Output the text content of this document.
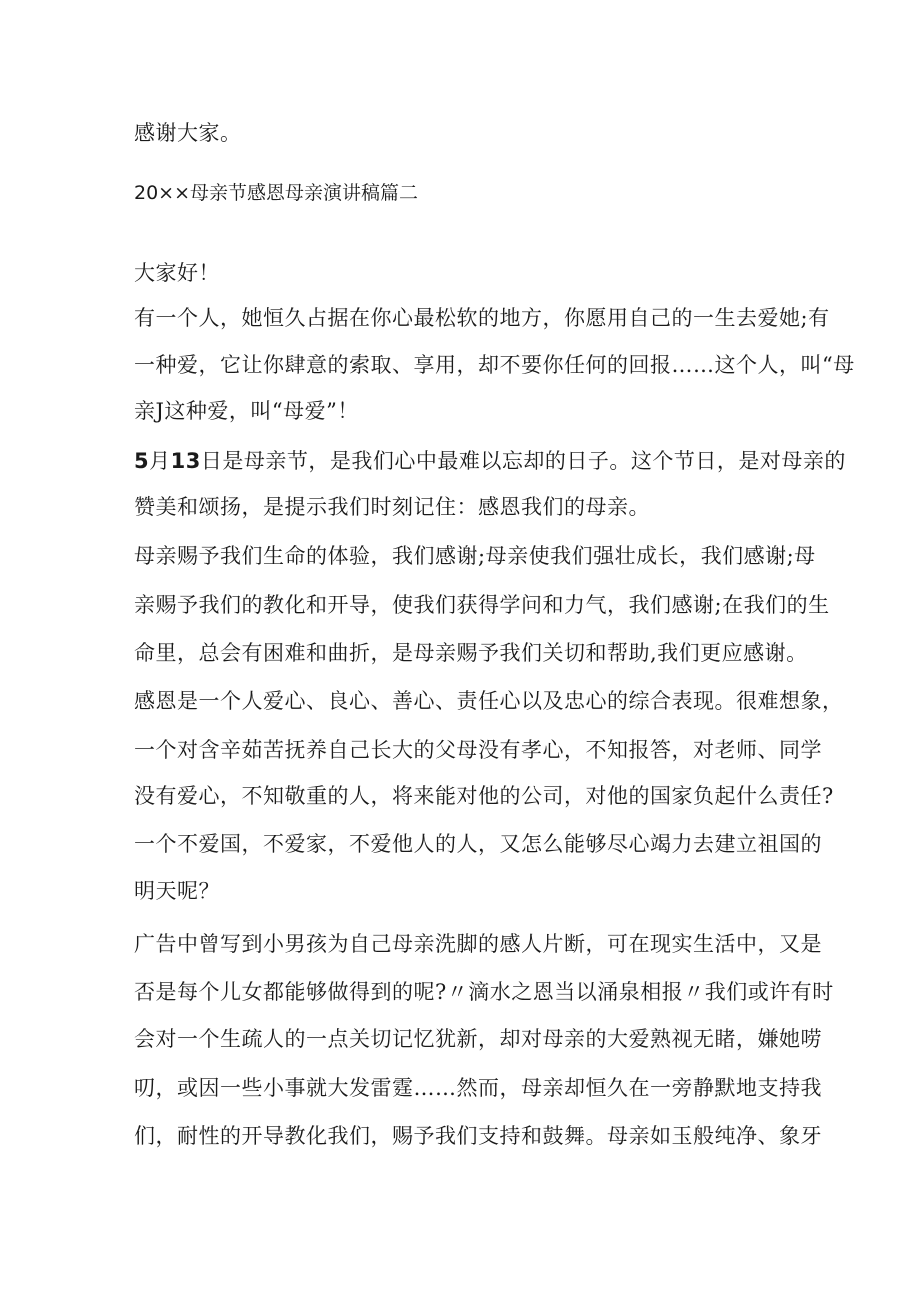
感谢大家。

20××母亲节感恩母亲演讲稿篇二

大家好！

有一个人，她恒久占据在你心最松软的地方，你愿用自己的一生去爱她;有

一种爱，它让你肆意的索取、享用，却不要你任何的回报……这个人，叫“母

亲J这种爱，叫“母爱”！

5月13日是母亲节，是我们心中最难以忘却的日子。这个节日，是对母亲的

赞美和颂扬，是提示我们时刻记住：感恩我们的母亲。

母亲赐予我们生命的体验，我们感谢;母亲使我们强壮成长，我们感谢;母

亲赐予我们的教化和开导，使我们获得学问和力气，我们感谢;在我们的生

命里，总会有困难和曲折，是母亲赐予我们关切和帮助,我们更应感谢。

感恩是一个人爱心、良心、善心、责任心以及忠心的综合表现。很难想象，

一个对含辛茹苦抚养自己长大的父母没有孝心，不知报答，对老师、同学

没有爱心，不知敬重的人，将来能对他的公司，对他的国家负起什么责任?

一个不爱国，不爱家，不爱他人的人，又怎么能够尽心竭力去建立祖国的

明天呢？

广告中曾写到小男孩为自己母亲洗脚的感人片断，可在现实生活中，又是

否是每个儿女都能够做得到的呢?〃滴水之恩当以涌泉相报〃我们或许有时

会对一个生疏人的一点关切记忆犹新，却对母亲的大爱熟视无睹，嫌她唠

叨，或因一些小事就大发雷霆……然而，母亲却恒久在一旁静默地支持我

们，耐性的开导教化我们，赐予我们支持和鼓舞。母亲如玉般纯净、象牙
